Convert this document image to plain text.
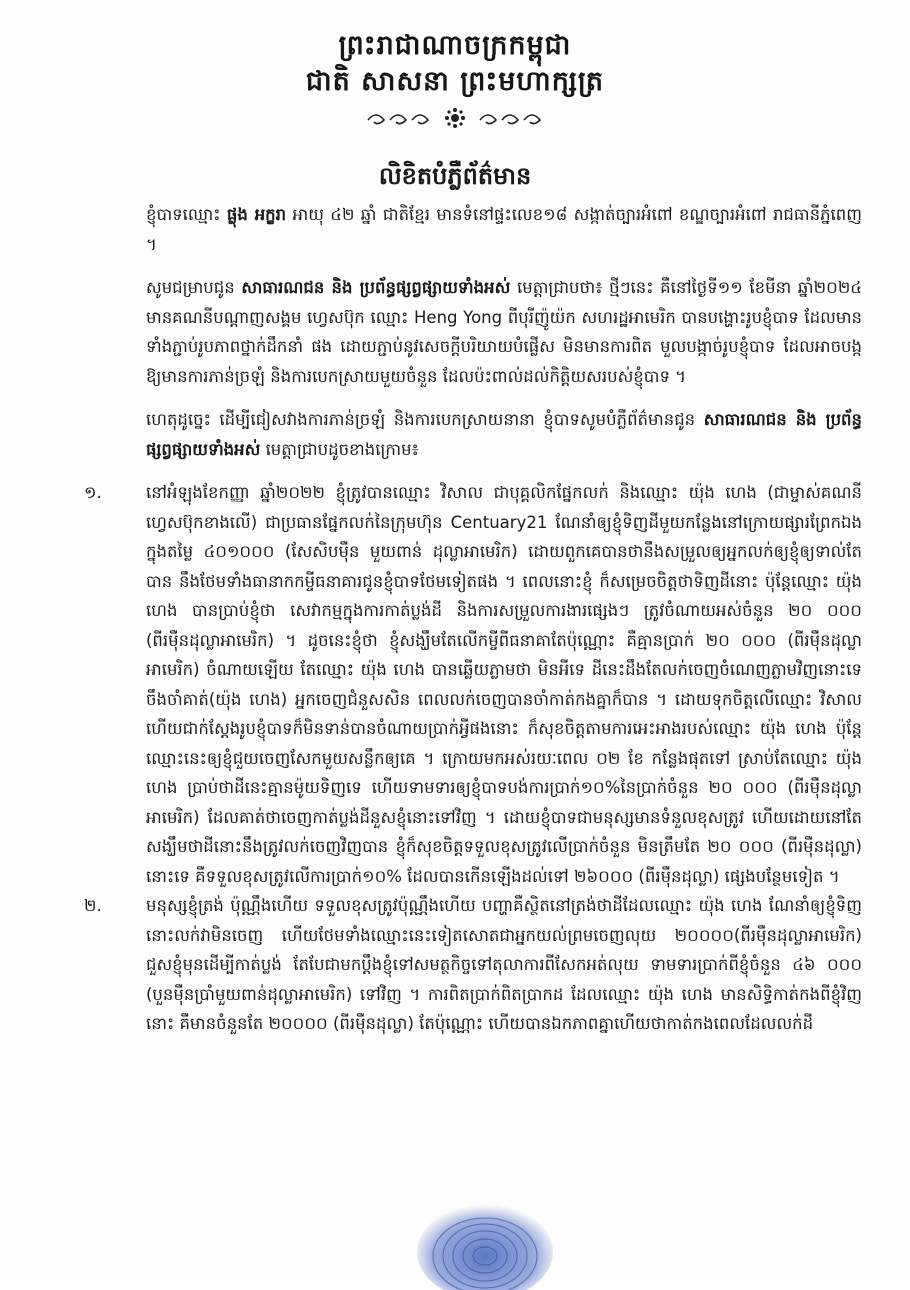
ព្រះរាជាណាចក្រកម្ពុជា
ជាតិ សាសនា ព្រះមហាក្សត្រ
លិខិតបំភ្លឺព័ត៌មាន

ខ្ញុំបាទឈ្មោះ ផ្លុង អក្ខរា អាយុ ៤២ ឆ្នាំ ជាតិខ្មែរ មានទំនៅផ្ទះលេខ១៨ សង្កាត់ច្បារអំពៅ ខណ្ឌច្បារអំពៅ រាជធានីភ្នំពេញ ។

សូមជម្រាបជូន សាធារណជន និង ប្រព័ន្ធផ្សព្វផ្សាយទាំងអស់ មេត្តាជ្រាបថា៖ ថ្មីៗនេះ គឺនៅថ្ងៃទី១១ ខែមីនា ឆ្នាំ២០២៤ មានគណនីបណ្ដាញសង្គម ហ្វេសប៊ុក ឈ្មោះ Heng Yong ពីបុរីញ៉ូយ៉ក សហរដ្ឋអាមេរិក បានបង្ហោះរូបខ្ញុំបាទ ដែលមានទាំងភ្ជាប់រូបភាពថ្នាក់ដឹកនាំ ផង ដោយភ្ជាប់នូវសេចក្ដីបរិយាយបំផ្លើស មិនមានការពិត មួលបង្កាច់រូបខ្ញុំបាទ ដែលអាចបង្កឱ្យមានការភាន់ច្រឡំ និងការបេកស្រាយមួយចំនួន ដែលប៉ះពាល់ដល់កិត្តិយសរបស់ខ្ញុំបាទ ។

ហេតុដូច្នេះ ដើម្បីជៀសវាងការភាន់ច្រឡំ និងការបេកស្រាយនានា ខ្ញុំបាទសូមបំភ្លឺព័ត៌មានជូន សាធារណជន និង ប្រព័ន្ធផ្សព្វផ្សាយទាំងអស់ មេត្តាជ្រាបដូចខាងក្រោម៖

១.	នៅអំឡុងខែកញ្ញា ឆ្នាំ២០២២ ខ្ញុំត្រូវបានឈ្មោះ វិសាល ជាបុគ្គលិកផ្នែកលក់ និងឈ្មោះ យ៉ុង ហេង (ជាម្ចាស់គណនីហ្វេសប៊ុកខាងលើ) ជាប្រធានផ្នែកលក់នៃក្រុមហ៊ុន Centuary21 ណែនាំឲ្យខ្ញុំទិញដីមួយកន្លែងនៅក្រោយផ្សារព្រែកឯង ក្នុងតម្លៃ ៤០១០០០ (សែសិបមុឺន មួយពាន់ ដុល្លាអាមេរិក) ដោយពួកគេបានថានឹងសម្រួលឲ្យអ្នកលក់ឲ្យខ្ញុំឲ្យទាល់តែបាន នឹងថែមទាំងធានាកកម្ចីធនាគារជូនខ្ញុំបាទថែមទៀតផង ។ ពេលនោះខ្ញុំ ក៏សម្រេចចិត្តថាទិញដីនោះ ប៉ុន្តែឈ្មោះ យ៉ុង ហេង បានប្រាប់ខ្ញុំថា សេវាកម្មក្នុងការកាត់ប្លង់ដី និងការសម្រួលការងារផ្សេងៗ ត្រូវចំណាយអស់ចំនួន ២០ ០០០ (ពីរមុឺនដុល្លាអាមេរិក) ។ ដូចនេះខ្ញុំថា ខ្ញុំសង្ឃឹមតែលើកម្ចីពីធនាគាតែប៉ុណ្ណោះ គឺគ្មានប្រាក់ ២០ ០០០ (ពីរមុឺនដុល្លាអាមេរិក) ចំណាយឡើយ តែឈ្មោះ យ៉ុង ហេង បានឆ្លើយភ្លាមថា មិនអីទេ ដីនេះដឹងតែលក់ចេញចំណេញភ្លាមវិញនោះទេ ចឹងចាំគាត់(យ៉ុង ហេង) អ្នកចេញជំនួសសិន ពេលលក់ចេញបានចាំកាត់កងគ្នាក៏បាន ។ ដោយទុកចិត្តលើឈ្មោះ វិសាល ហើយជាក់ស្ដែងរូបខ្ញុំបាទក៏មិនទាន់បានចំណាយប្រាក់អ្វីផងនោះ ក៏សុខចិត្តតាមការអេះអាងរបស់ឈ្មោះ យ៉ុង ហេង ប៉ុន្តែឈ្មោះនេះឲ្យខ្ញុំជួយចេញសែកមួយសន្លឹកឲ្យគេ ។ ក្រោយមកអស់រយៈពេល ០២ ខែ កន្លែងផុតទៅ ស្រាប់តែឈ្មោះ យ៉ុង ហេង ប្រាប់ថាដីនេះគ្មានម៉ូយទិញទេ ហើយទាមទារឲ្យខ្ញុំបាទបង់ការប្រាក់១០%នៃប្រាក់ចំនួន ២០ ០០០ (ពីរមុឺនដុល្លាអាមេរិក) ដែលគាត់ថាចេញកាត់ប្លង់ដីនួសខ្ញុំនោះទៅវិញ ។ ដោយខ្ញុំបាទជាមនុស្សមានទំនួលខុសត្រូវ ហើយដោយនៅតែសង្ឃឹមថាដីនោះនឹងត្រូវលក់ចេញវិញបាន ខ្ញុំក៏សុខចិត្តទទួលខុសត្រូវលើប្រាក់ចំនួន មិនត្រឹមតែ ២០ ០០០ (ពីរមុឺនដុល្លា) នោះទេ គឺទទួលខុសត្រូវលើការប្រាក់១០% ដែលបានកើនឡើងដល់ទៅ ២៦០០០ (ពីរមុឺនដុល្លា) ផ្សេងបន្ថែមទៀត ។

២.	មនុស្សខ្ញុំត្រង់ ប៉ុណ្ណឹងហើយ ទទួលខុសត្រូវប៉ុណ្ណឹងហើយ បញ្ហាគឺស្ថិតនៅត្រង់ថាដីដែលឈ្មោះ យ៉ុង ហេង ណែនាំឲ្យខ្ញុំទិញនោះលក់វាមិនចេញ ហើយថែមទាំងឈ្មោះនេះទៀតសោតជាអ្នកយល់ព្រមចេញលុយ ២០០០០(ពីរមុឺនដុល្លាអាមេរិក) ជួសខ្ញុំមុនដើម្បីកាត់ប្លង់ តែបែជាមកប្ដឹងខ្ញុំទៅសមត្ថកិច្ចទៅតុលាការពីសែកអត់លុយ ទាមទារប្រាក់ពីខ្ញុំចំនួន ៤៦ ០០០ (បួនមុឺនប្រាំមួយពាន់ដុល្លាអាមេរិក) ទៅវិញ ។ ការពិតប្រាក់ពិតប្រាកដ ដែលឈ្មោះ យ៉ុង ហេង មានសិទ្ធិកាត់កងពីខ្ញុំវិញនោះ គឺមានចំនួនតែ ២០០០០ (ពីរមុឺនដុល្លា) តែប៉ុណ្ណោះ ហើយបានឯកភាពគ្នាហើយថាកាត់កងពេលដែលលក់ដី
